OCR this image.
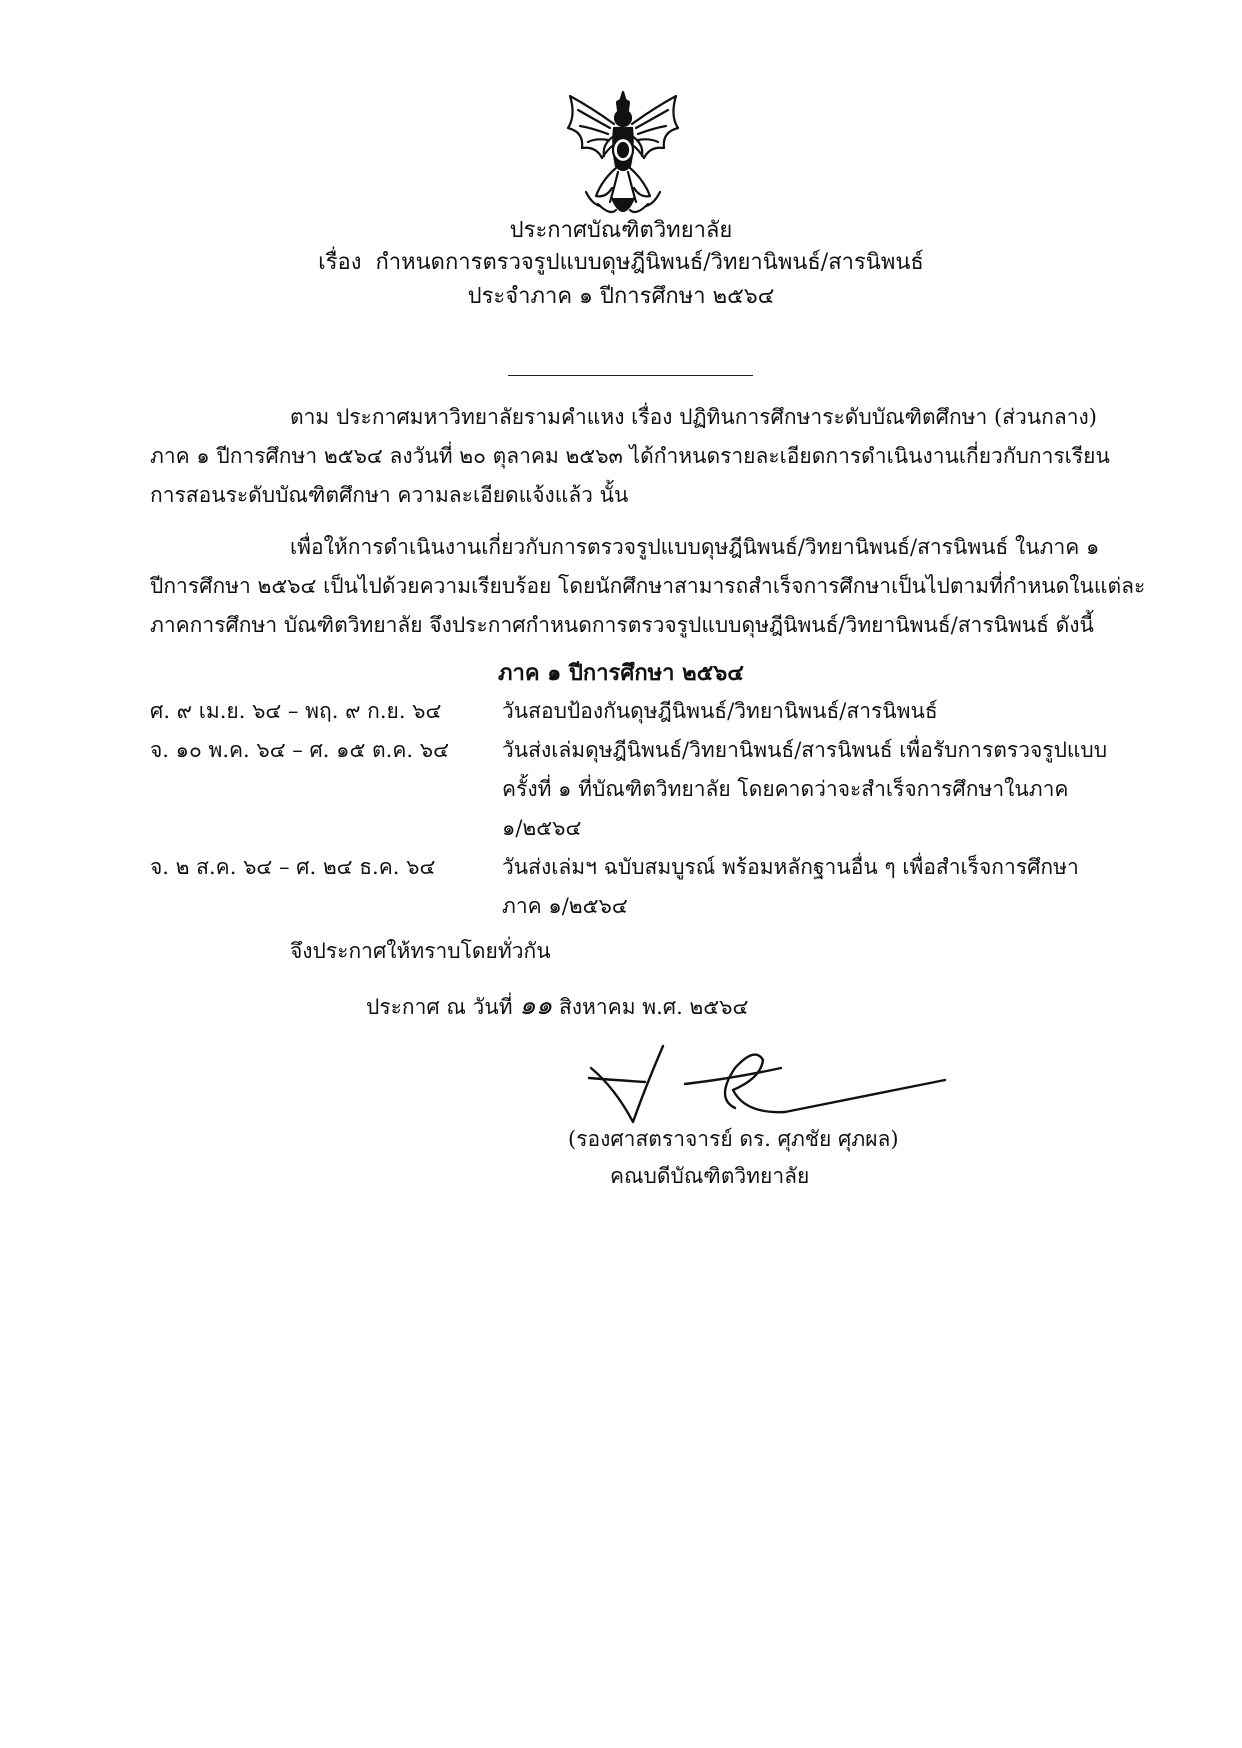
ประกาศบัณฑิตวิทยาลัย
เรื่อง กำหนดการตรวจรูปแบบดุษฎีนิพนธ์/วิทยานิพนธ์/สารนิพนธ์
ประจำภาค ๑ ปีการศึกษา ๒๕๖๔
ตาม ประกาศมหาวิทยาลัยรามคำแหง เรื่อง ปฏิทินการศึกษาระดับบัณฑิตศึกษา (ส่วนกลาง)
ภาค ๑ ปีการศึกษา ๒๕๖๔ ลงวันที่ ๒๐ ตุลาคม ๒๕๖๓ ได้กำหนดรายละเอียดการดำเนินงานเกี่ยวกับการเรียน
การสอนระดับบัณฑิตศึกษา ความละเอียดแจ้งแล้ว นั้น
เพื่อให้การดำเนินงานเกี่ยวกับการตรวจรูปแบบดุษฎีนิพนธ์/วิทยานิพนธ์/สารนิพนธ์ ในภาค ๑
ปีการศึกษา ๒๕๖๔ เป็นไปด้วยความเรียบร้อย โดยนักศึกษาสามารถสำเร็จการศึกษาเป็นไปตามที่กำหนดในแต่ละ
ภาคการศึกษา บัณฑิตวิทยาลัย จึงประกาศกำหนดการตรวจรูปแบบดุษฎีนิพนธ์/วิทยานิพนธ์/สารนิพนธ์ ดังนี้
ภาค ๑ ปีการศึกษา ๒๕๖๔
ศ. ๙ เม.ย. ๖๔ – พฤ. ๙ ก.ย. ๖๔	วันสอบป้องกันดุษฎีนิพนธ์/วิทยานิพนธ์/สารนิพนธ์
จ. ๑๐ พ.ค. ๖๔ – ศ. ๑๕ ต.ค. ๖๔	วันส่งเล่มดุษฎีนิพนธ์/วิทยานิพนธ์/สารนิพนธ์ เพื่อรับการตรวจรูปแบบ
ครั้งที่ ๑ ที่บัณฑิตวิทยาลัย โดยคาดว่าจะสำเร็จการศึกษาในภาค
๑/๒๕๖๔
จ. ๒ ส.ค. ๖๔ – ศ. ๒๔ ธ.ค. ๖๔	วันส่งเล่มฯ ฉบับสมบูรณ์ พร้อมหลักฐานอื่น ๆ เพื่อสำเร็จการศึกษา
ภาค ๑/๒๕๖๔
จึงประกาศให้ทราบโดยทั่วกัน
ประกาศ ณ วันที่ ๑๑ สิงหาคม พ.ศ. ๒๕๖๔
(รองศาสตราจารย์ ดร. ศุภชัย ศุภผล)
คณบดีบัณฑิตวิทยาลัย
